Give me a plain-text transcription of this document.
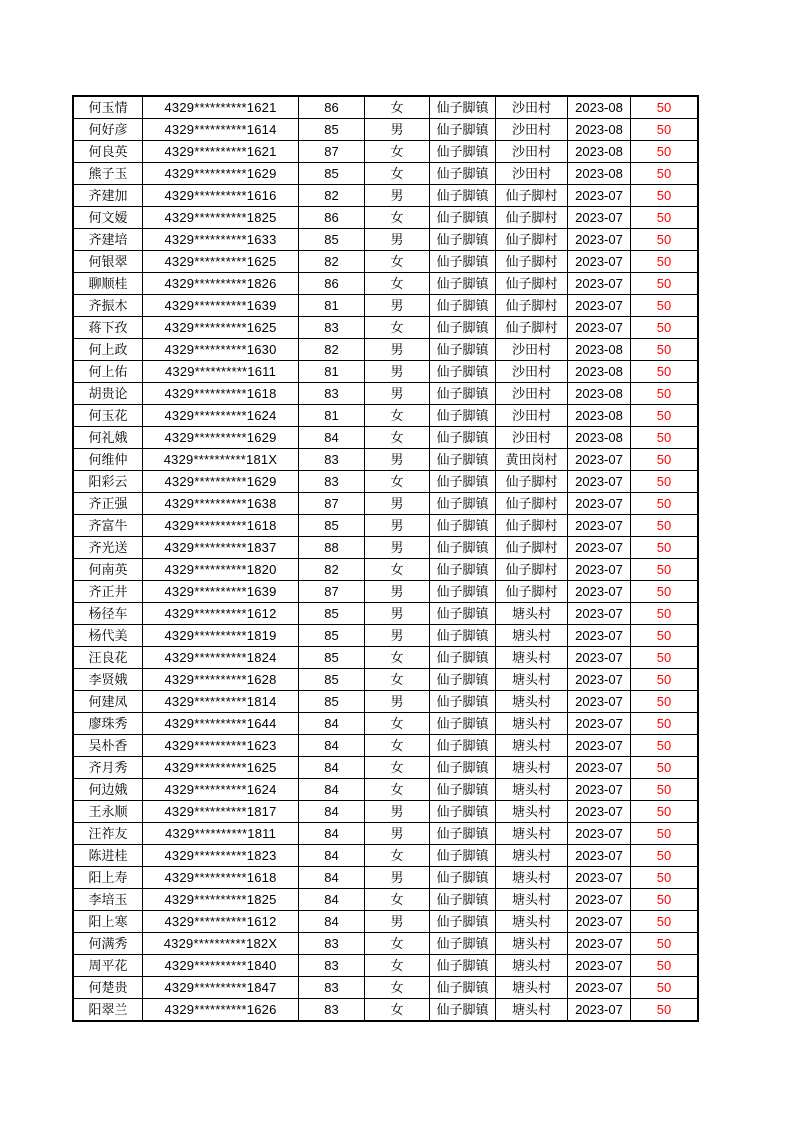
何玉情	4329**********1621	86	女	仙子脚镇	沙田村	2023-08	50
何好彦	4329**********1614	85	男	仙子脚镇	沙田村	2023-08	50
何良英	4329**********1621	87	女	仙子脚镇	沙田村	2023-08	50
熊子玉	4329**********1629	85	女	仙子脚镇	沙田村	2023-08	50
齐建加	4329**********1616	82	男	仙子脚镇	仙子脚村	2023-07	50
何文嫒	4329**********1825	86	女	仙子脚镇	仙子脚村	2023-07	50
齐建培	4329**********1633	85	男	仙子脚镇	仙子脚村	2023-07	50
何银翠	4329**********1625	82	女	仙子脚镇	仙子脚村	2023-07	50
聊顺桂	4329**********1826	86	女	仙子脚镇	仙子脚村	2023-07	50
齐振木	4329**********1639	81	男	仙子脚镇	仙子脚村	2023-07	50
蒋下孜	4329**********1625	83	女	仙子脚镇	仙子脚村	2023-07	50
何上政	4329**********1630	82	男	仙子脚镇	沙田村	2023-08	50
何上佑	4329**********1611	81	男	仙子脚镇	沙田村	2023-08	50
胡贵论	4329**********1618	83	男	仙子脚镇	沙田村	2023-08	50
何玉花	4329**********1624	81	女	仙子脚镇	沙田村	2023-08	50
何礼娥	4329**********1629	84	女	仙子脚镇	沙田村	2023-08	50
何维仲	4329**********181X	83	男	仙子脚镇	黄田岗村	2023-07	50
阳彩云	4329**********1629	83	女	仙子脚镇	仙子脚村	2023-07	50
齐正强	4329**********1638	87	男	仙子脚镇	仙子脚村	2023-07	50
齐富牛	4329**********1618	85	男	仙子脚镇	仙子脚村	2023-07	50
齐光送	4329**********1837	88	男	仙子脚镇	仙子脚村	2023-07	50
何南英	4329**********1820	82	女	仙子脚镇	仙子脚村	2023-07	50
齐正井	4329**********1639	87	男	仙子脚镇	仙子脚村	2023-07	50
杨径车	4329**********1612	85	男	仙子脚镇	塘头村	2023-07	50
杨代美	4329**********1819	85	男	仙子脚镇	塘头村	2023-07	50
汪良花	4329**********1824	85	女	仙子脚镇	塘头村	2023-07	50
李贤娥	4329**********1628	85	女	仙子脚镇	塘头村	2023-07	50
何建凤	4329**********1814	85	男	仙子脚镇	塘头村	2023-07	50
廖珠秀	4329**********1644	84	女	仙子脚镇	塘头村	2023-07	50
吴朴香	4329**********1623	84	女	仙子脚镇	塘头村	2023-07	50
齐月秀	4329**********1625	84	女	仙子脚镇	塘头村	2023-07	50
何边娥	4329**********1624	84	女	仙子脚镇	塘头村	2023-07	50
王永顺	4329**********1817	84	男	仙子脚镇	塘头村	2023-07	50
汪祚友	4329**********1811	84	男	仙子脚镇	塘头村	2023-07	50
陈进桂	4329**********1823	84	女	仙子脚镇	塘头村	2023-07	50
阳上寿	4329**********1618	84	男	仙子脚镇	塘头村	2023-07	50
李培玉	4329**********1825	84	女	仙子脚镇	塘头村	2023-07	50
阳上寒	4329**********1612	84	男	仙子脚镇	塘头村	2023-07	50
何满秀	4329**********182X	83	女	仙子脚镇	塘头村	2023-07	50
周平花	4329**********1840	83	女	仙子脚镇	塘头村	2023-07	50
何楚贵	4329**********1847	83	女	仙子脚镇	塘头村	2023-07	50
阳翠兰	4329**********1626	83	女	仙子脚镇	塘头村	2023-07	50
